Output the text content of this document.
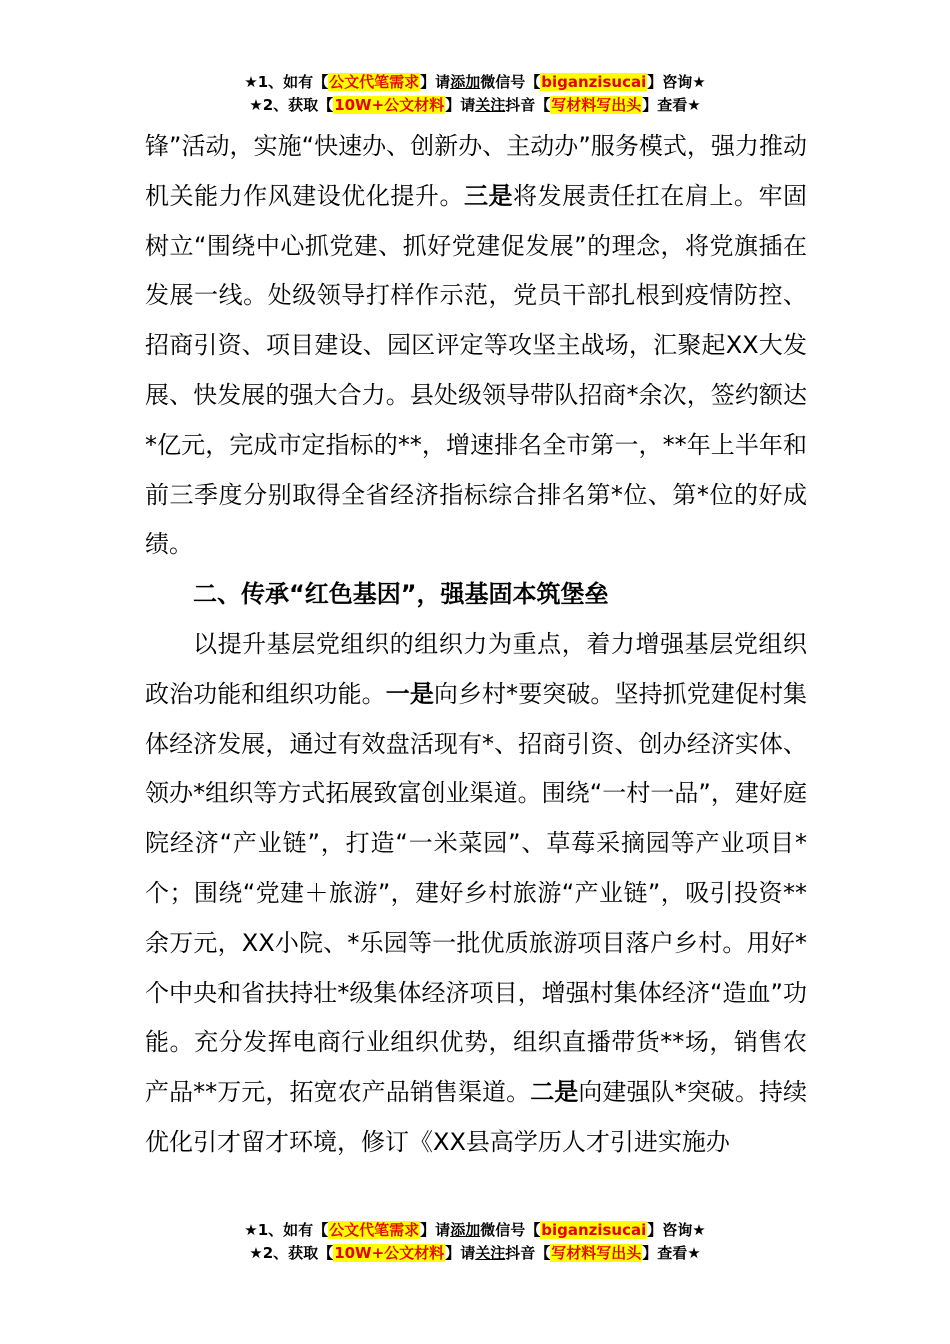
★1、如有【公文代笔需求】请添加微信号【biganzisucai】咨询★
★2、获取【10W+公文材料】请关注抖音【写材料写出头】查看★

锋”活动，实施“快速办、创新办、主动办”服务模式，强力推动机关能力作风建设优化提升。三是将发展责任扛在肩上。牢固树立“围绕中心抓党建、抓好党建促发展”的理念，将党旗插在发展一线。处级领导打样作示范，党员干部扎根到疫情防控、招商引资、项目建设、园区评定等攻坚主战场，汇聚起XX大发展、快发展的强大合力。县处级领导带队招商*余次，签约额达*亿元，完成市定指标的**，增速排名全市第一，**年上半年和前三季度分别取得全省经济指标综合排名第*位、第*位的好成绩。

二、传承“红色基因”，强基固本筑堡垒

以提升基层党组织的组织力为重点，着力增强基层党组织政治功能和组织功能。一是向乡村*要突破。坚持抓党建促村集体经济发展，通过有效盘活现有*、招商引资、创办经济实体、领办*组织等方式拓展致富创业渠道。围绕“一村一品”，建好庭院经济“产业链”，打造“一米菜园”、草莓采摘园等产业项目*个；围绕“党建＋旅游”，建好乡村旅游“产业链”，吸引投资**余万元，XX小院、*乐园等一批优质旅游项目落户乡村。用好*个中央和省扶持壮*级集体经济项目，增强村集体经济“造血”功能。充分发挥电商行业组织优势，组织直播带货**场，销售农产品**万元，拓宽农产品销售渠道。二是向建强队*突破。持续优化引才留才环境，修订《XX县高学历人才引进实施办

★1、如有【公文代笔需求】请添加微信号【biganzisucai】咨询★
★2、获取【10W+公文材料】请关注抖音【写材料写出头】查看★
